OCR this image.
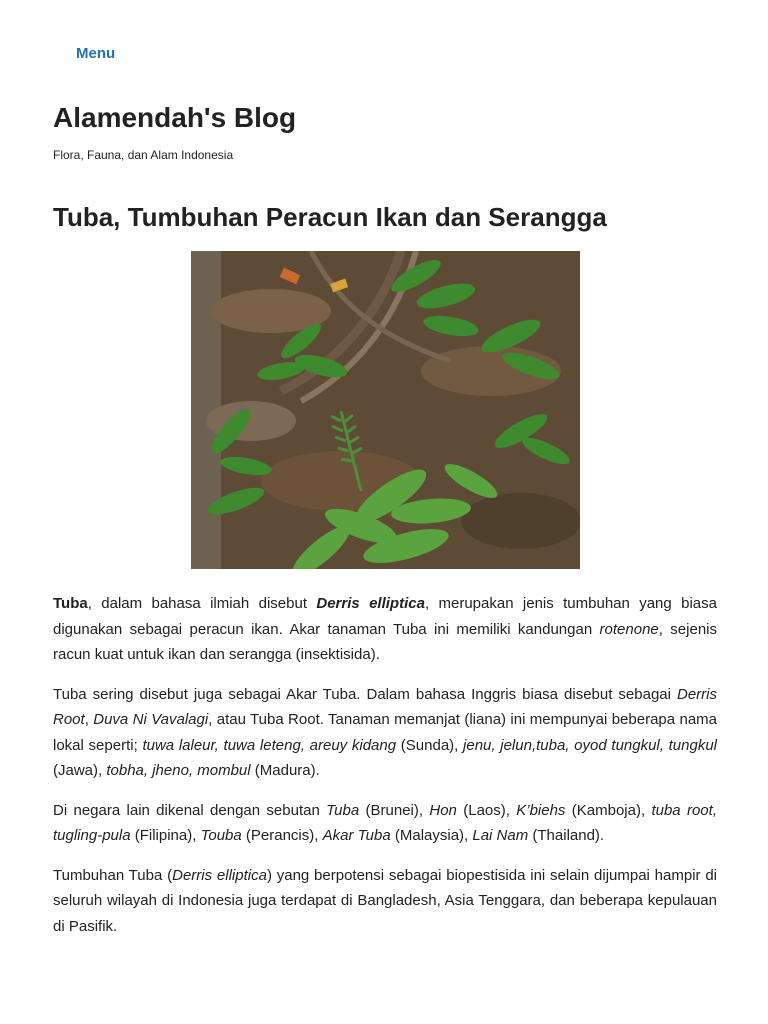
Menu
Alamendah's Blog
Flora, Fauna, dan Alam Indonesia
Tuba, Tumbuhan Peracun Ikan dan Serangga

Tuba, dalam bahasa ilmiah disebut Derris elliptica, merupakan jenis tumbuhan yang biasa digunakan sebagai peracun ikan. Akar tanaman Tuba ini memiliki kandungan rotenone, sejenis racun kuat untuk ikan dan serangga (insektisida).

Tuba sering disebut juga sebagai Akar Tuba. Dalam bahasa Inggris biasa disebut sebagai Derris Root, Duva Ni Vavalagi, atau Tuba Root. Tanaman memanjat (liana) ini mempunyai beberapa nama lokal seperti; tuwa laleur, tuwa leteng, areuy kidang (Sunda), jenu, jelun,tuba, oyod tungkul, tungkul (Jawa), tobha, jheno, mombul (Madura).

Di negara lain dikenal dengan sebutan Tuba (Brunei), Hon (Laos), K’biehs (Kamboja), tuba root, tugling-pula (Filipina), Touba (Perancis), Akar Tuba (Malaysia), Lai Nam (Thailand).

Tumbuhan Tuba (Derris elliptica) yang berpotensi sebagai biopestisida ini selain dijumpai hampir di seluruh wilayah di Indonesia juga terdapat di Bangladesh, Asia Tenggara, dan beberapa kepulauan di Pasifik.
